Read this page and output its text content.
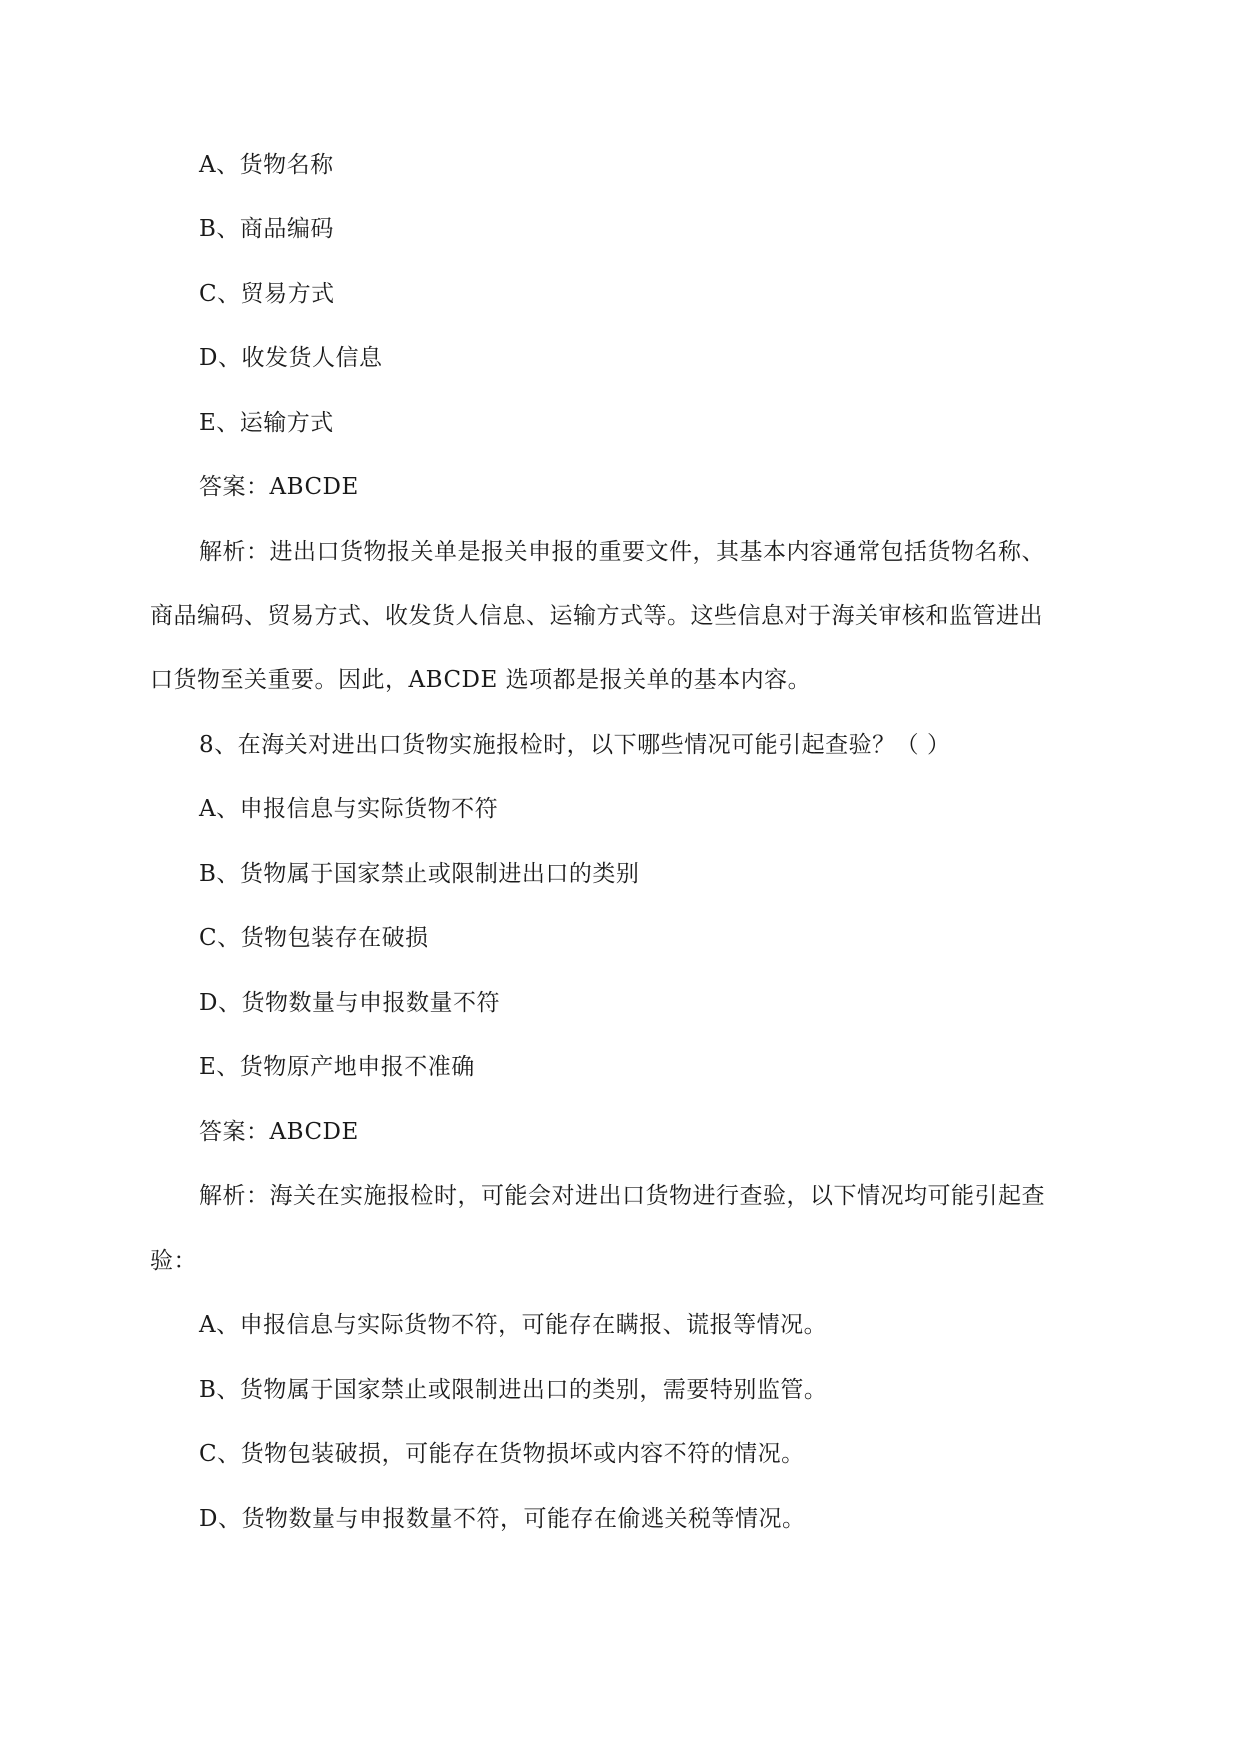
A、货物名称
B、商品编码
C、贸易方式
D、收发货人信息
E、运输方式
答案：ABCDE
解析：进出口货物报关单是报关申报的重要文件，其基本内容通常包括货物名称、
商品编码、贸易方式、收发货人信息、运输方式等。这些信息对于海关审核和监管进出
口货物至关重要。因此，ABCDE 选项都是报关单的基本内容。
8、在海关对进出口货物实施报检时，以下哪些情况可能引起查验？（ ）
A、申报信息与实际货物不符
B、货物属于国家禁止或限制进出口的类别
C、货物包装存在破损
D、货物数量与申报数量不符
E、货物原产地申报不准确
答案：ABCDE
解析：海关在实施报检时，可能会对进出口货物进行查验，以下情况均可能引起查
验：
A、申报信息与实际货物不符，可能存在瞒报、谎报等情况。
B、货物属于国家禁止或限制进出口的类别，需要特别监管。
C、货物包装破损，可能存在货物损坏或内容不符的情况。
D、货物数量与申报数量不符，可能存在偷逃关税等情况。
